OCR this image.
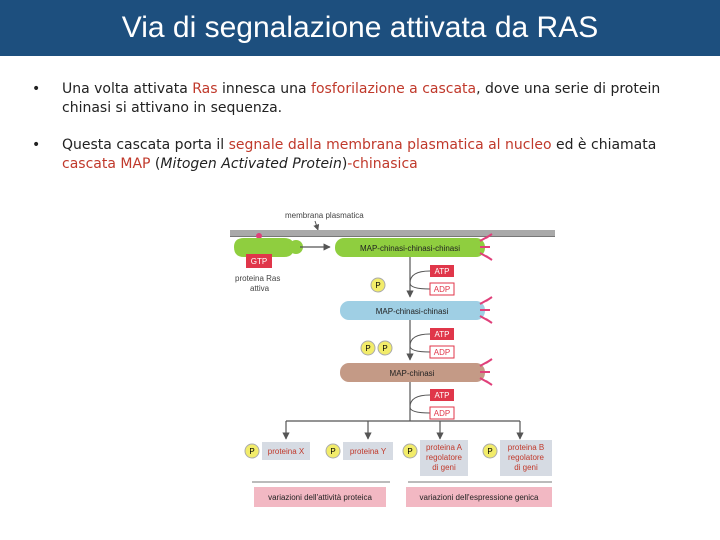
Via di segnalazione attivata da RAS
• Una volta attivata Ras innesca una fosforilazione a cascata, dove una serie di protein chinasi si attivano in sequenza.
• Questa cascata porta il segnale dalla membrana plasmatica al nucleo ed è chiamata cascata MAP (Mitogen Activated Protein)-chinasica
membrana plasmatica
GTP
proteina Ras
attiva
MAP-chinasi-chinasi-chinasi
P
ATP
ADP
MAP-chinasi-chinasi
P P
ATP
ADP
MAP-chinasi
ATP
ADP
P proteina X	P proteina Y	P proteina A
regolatore
di geni
P proteina B
regolatore
di geni
variazioni dell'attività proteica	variazioni dell'espressione genica
